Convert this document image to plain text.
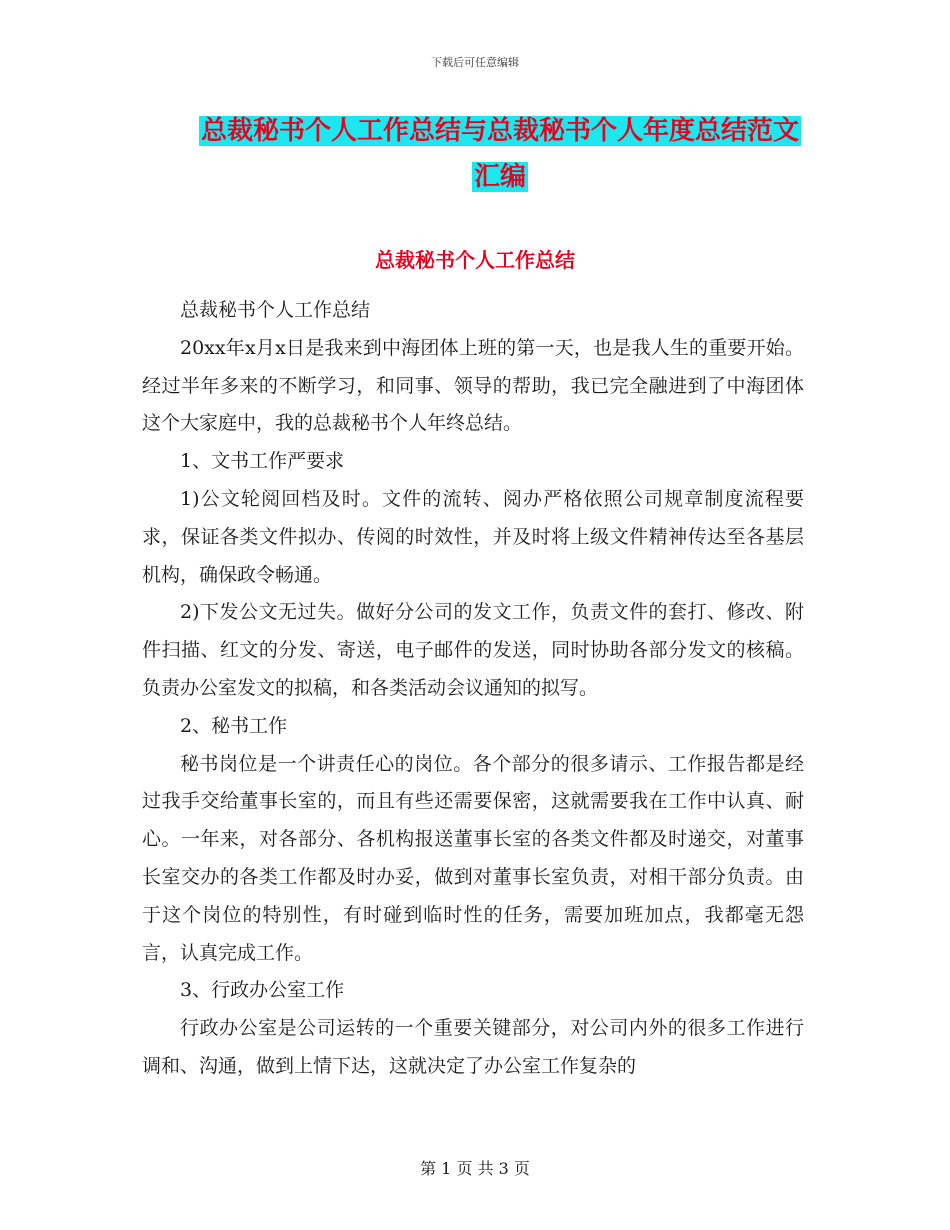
下载后可任意编辑
总裁秘书个人工作总结与总裁秘书个人年度总结范文
汇编
总裁秘书个人工作总结

总裁秘书个人工作总结

20xx年x月x日是我来到中海团体上班的第一天，也是我人生的重要开始。经过半年多来的不断学习，和同事、领导的帮助，我已完全融进到了中海团体这个大家庭中，我的总裁秘书个人年终总结。

1、文书工作严要求

1)公文轮阅回档及时。文件的流转、阅办严格依照公司规章制度流程要求，保证各类文件拟办、传阅的时效性，并及时将上级文件精神传达至各基层机构，确保政令畅通。

2)下发公文无过失。做好分公司的发文工作，负责文件的套打、修改、附件扫描、红文的分发、寄送，电子邮件的发送，同时协助各部分发文的核稿。负责办公室发文的拟稿，和各类活动会议通知的拟写。

2、秘书工作

秘书岗位是一个讲责任心的岗位。各个部分的很多请示、工作报告都是经过我手交给董事长室的，而且有些还需要保密，这就需要我在工作中认真、耐心。一年来，对各部分、各机构报送董事长室的各类文件都及时递交，对董事长室交办的各类工作都及时办妥，做到对董事长室负责，对相干部分负责。由于这个岗位的特别性，有时碰到临时性的任务，需要加班加点，我都毫无怨言，认真完成工作。

3、行政办公室工作

行政办公室是公司运转的一个重要关键部分，对公司内外的很多工作进行调和、沟通，做到上情下达，这就决定了办公室工作复杂的

第 1 页 共 3 页
